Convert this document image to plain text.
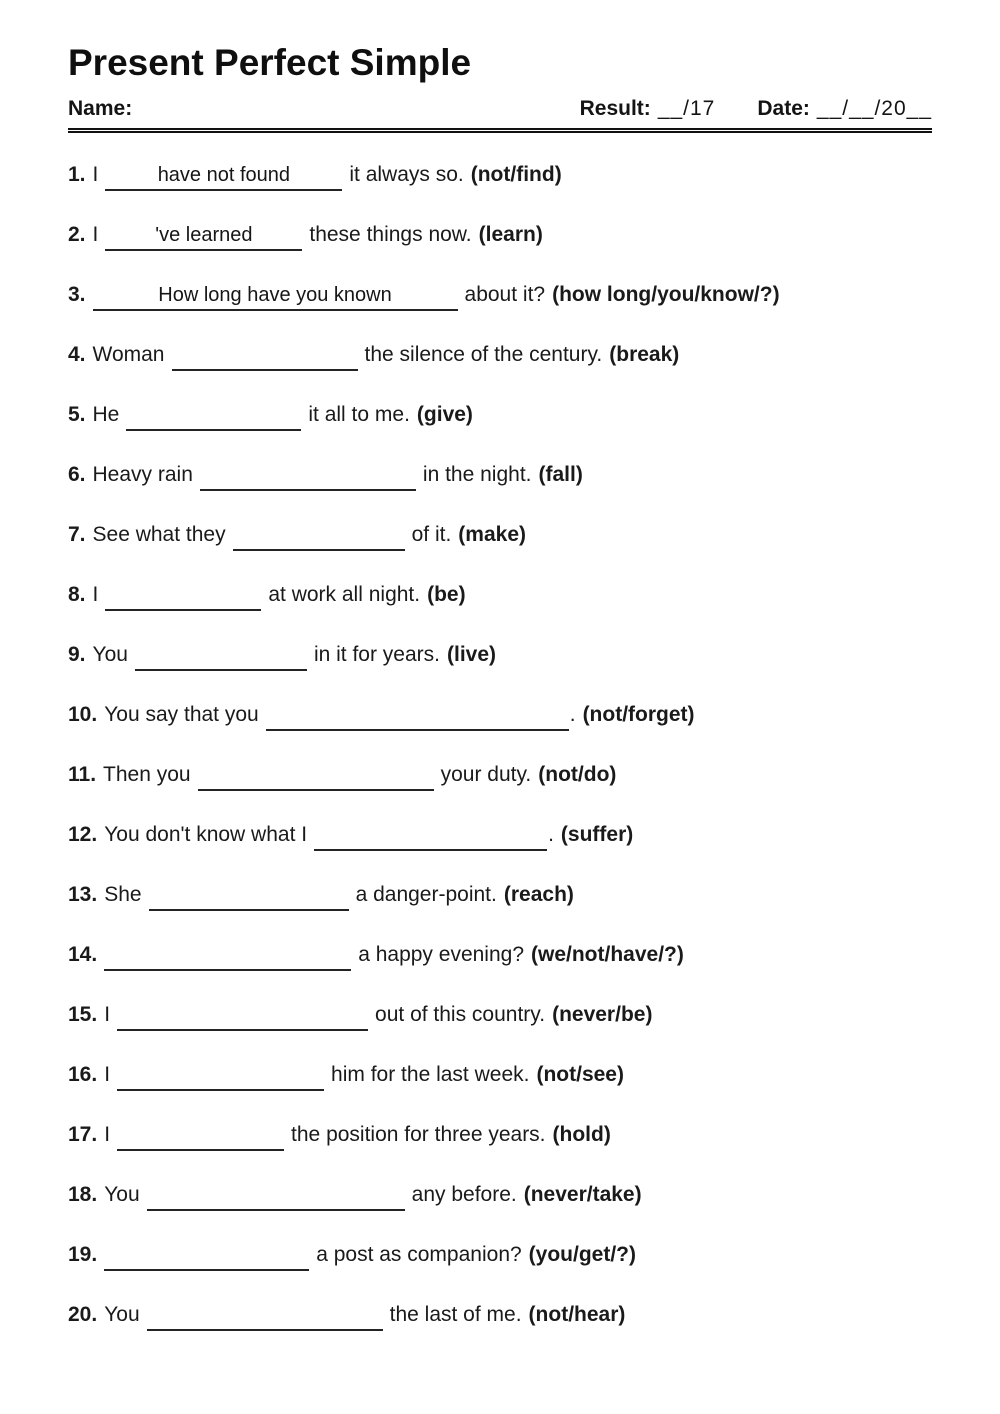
Present Perfect Simple
Name:	Result: __/17 Date: __/__/20__
1. I	have not found	it always so. (not/find)
2. I	've learned	these things now. (learn)
3.	How long have you known	about it? (how long/you/know/?)
4. Woman	the silence of the century. (break)
5. He	it all to me. (give)
6. Heavy rain	in the night. (fall)
7. See what they	of it. (make)
8. I	at work all night. (be)
9. You	in it for years. (live)
10. You say that you	. (not/forget)
11. Then you	your duty. (not/do)
12. You don't know what I	. (suffer)
13. She	a danger-point. (reach)
14.	a happy evening? (we/not/have/?)
15. I	out of this country. (never/be)
16. I	him for the last week. (not/see)
17. I	the position for three years. (hold)
18. You	any before. (never/take)
19.	a post as companion? (you/get/?)
20. You	the last of me. (not/hear)
